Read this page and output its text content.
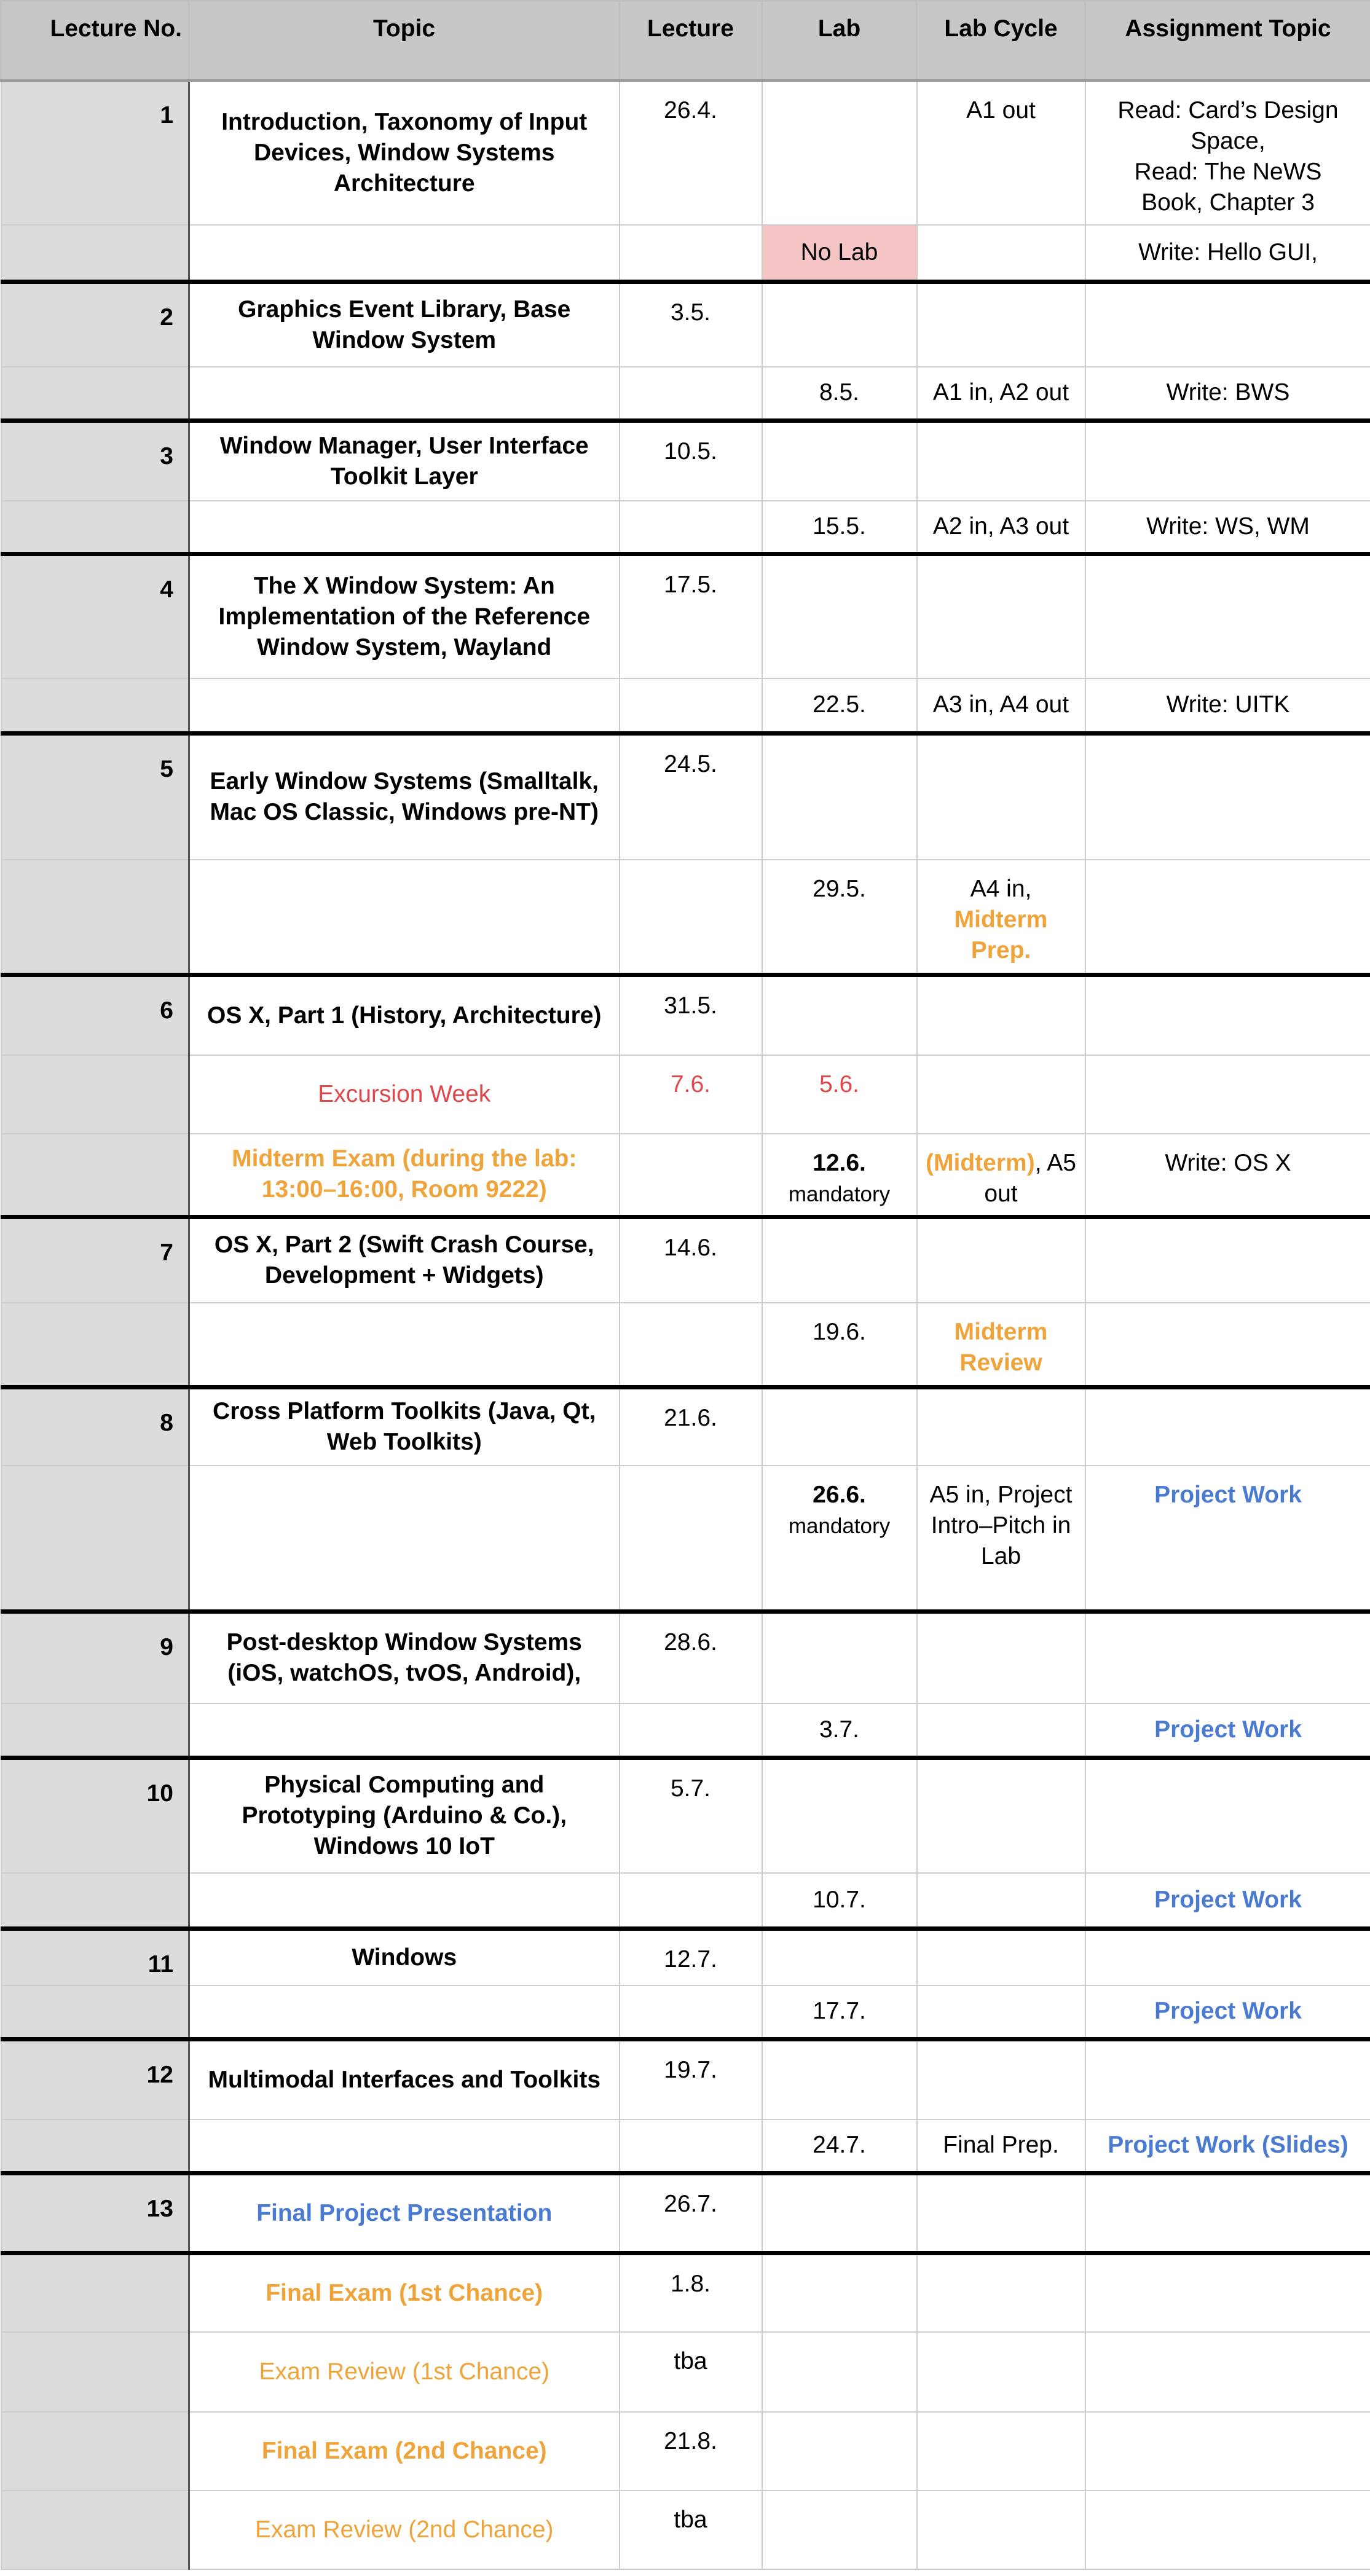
Lecture No.	Topic	Lecture	Lab	Lab Cycle	Assignment Topic
1	Introduction, Taxonomy of Input Devices, Window Systems Architecture	26.4.		A1 out	Read: Card’s Design Space,
Read: The NeWS Book, Chapter 3
			No Lab		Write: Hello GUI,
2	Graphics Event Library, Base Window System	3.5.			
			8.5.	A1 in, A2 out	Write: BWS
3	Window Manager, User Interface Toolkit Layer	10.5.			
			15.5.	A2 in, A3 out	Write: WS, WM
4	The X Window System: An Implementation of the Reference Window System, Wayland	17.5.			
			22.5.	A3 in, A4 out	Write: UITK
5	Early Window Systems (Smalltalk, Mac OS Classic, Windows pre-NT)	24.5.			
			29.5.	A4 in,
Midterm Prep.	
6	OS X, Part 1 (History, Architecture)	31.5.			
	Excursion Week	7.6.	5.6.		
	Midterm Exam (during the lab: 13:00–16:00, Room 9222)		12.6.
mandatory	(Midterm), A5 out	Write: OS X
7	OS X, Part 2 (Swift Crash Course, Development + Widgets)	14.6.			
			19.6.	Midterm Review	
8	Cross Platform Toolkits (Java, Qt, Web Toolkits)	21.6.			
			26.6.
mandatory	A5 in, Project Intro–Pitch in Lab	Project Work
9	Post-desktop Window Systems (iOS, watchOS, tvOS, Android),	28.6.			
			3.7.		Project Work
10	Physical Computing and Prototyping (Arduino & Co.), Windows 10 IoT	5.7.			
			10.7.		Project Work
11	Windows	12.7.			
			17.7.		Project Work
12	Multimodal Interfaces and Toolkits	19.7.			
			24.7.	Final Prep.	Project Work (Slides)
13	Final Project Presentation	26.7.			
	Final Exam (1st Chance)	1.8.			
	Exam Review (1st Chance)	tba			
	Final Exam (2nd Chance)	21.8.			
	Exam Review (2nd Chance)	tba			
